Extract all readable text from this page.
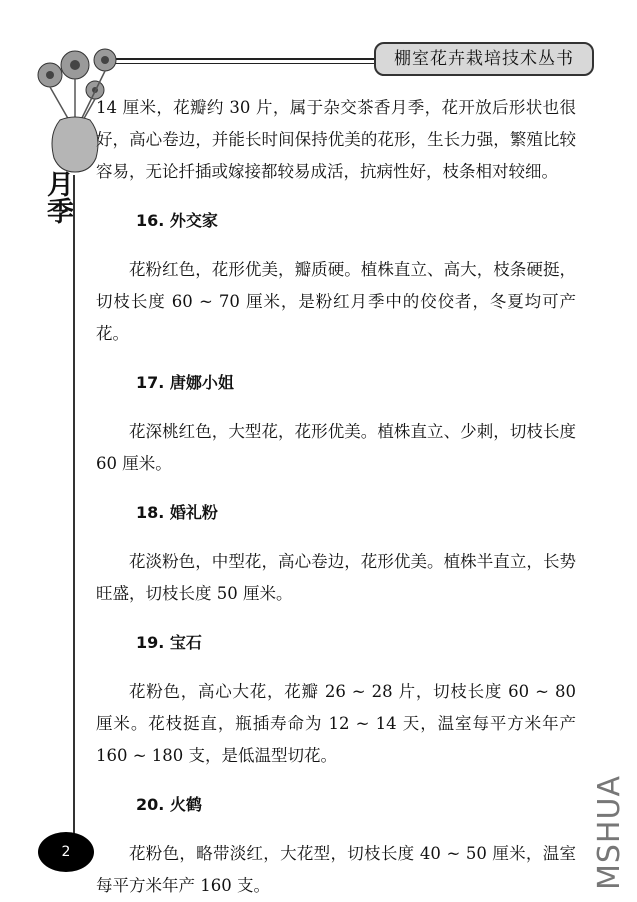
棚室花卉栽培技术丛书
月季

14 厘米，花瓣约 30 片，属于杂交茶香月季，花开放后形状也很好，高心卷边，并能长时间保持优美的花形，生长力强，繁殖比较容易，无论扦插或嫁接都较易成活，抗病性好，枝条相对较细。

16. 外交家

花粉红色，花形优美，瓣质硬。植株直立、高大，枝条硬挺，切枝长度 60 ~ 70 厘米，是粉红月季中的佼佼者，冬夏均可产花。

17. 唐娜小姐

花深桃红色，大型花，花形优美。植株直立、少刺，切枝长度 60 厘米。

18. 婚礼粉

花淡粉色，中型花，高心卷边，花形优美。植株半直立，长势旺盛，切枝长度 50 厘米。

19. 宝石

花粉色，高心大花，花瓣 26 ~ 28 片，切枝长度 60 ~ 80 厘米。花枝挺直，瓶插寿命为 12 ~ 14 天，温室每平方米年产 160 ~ 180 支，是低温型切花。

20. 火鹤

花粉色，略带淡红，大花型，切枝长度 40 ~ 50 厘米，温室每平方米年产 160 支。

2	MSHUA
